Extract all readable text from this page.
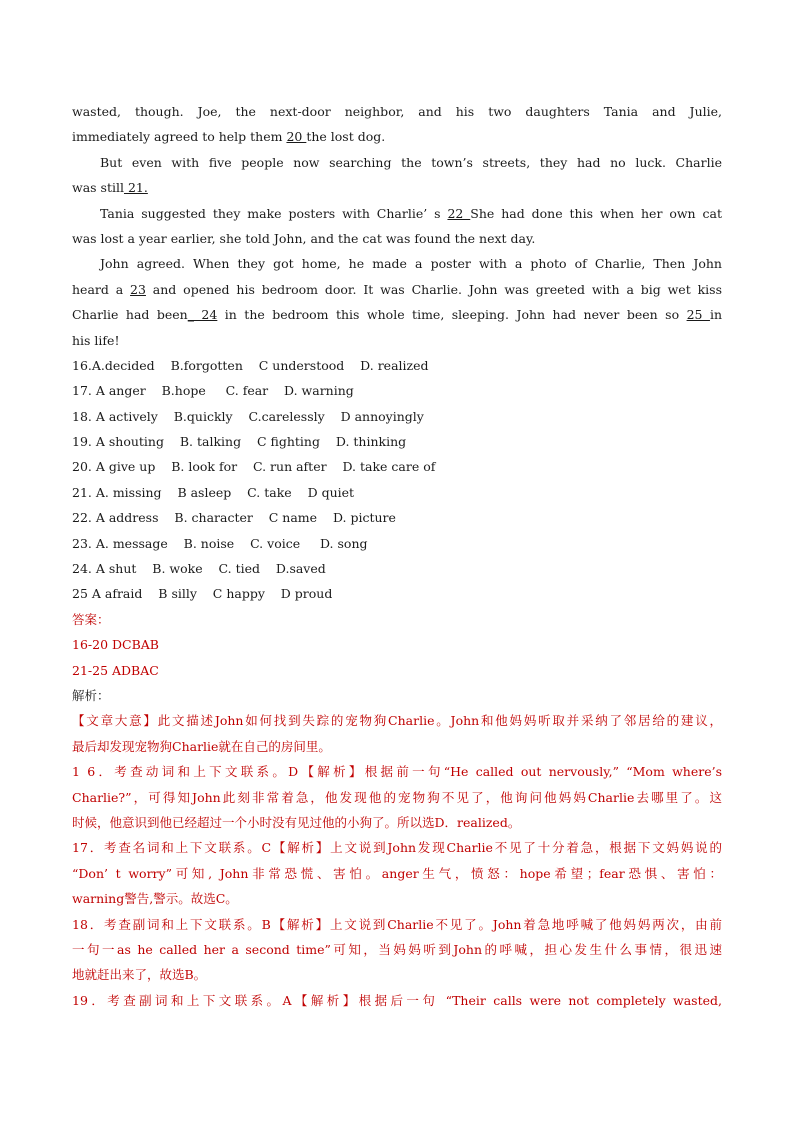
wasted, though. Joe, the next-door neighbor, and his two daughters Tania and Julie,
immediately agreed to help them 20 the lost dog.
But even with five people now searching the town’s streets, they had no luck. Charlie
was still 21.
Tania suggested they make posters with Charlie’ s 22 She had done this when her own cat
was lost a year earlier, she told John, and the cat was found the next day.
John agreed. When they got home, he made a poster with a photo of Charlie, Then John
heard a 23 and opened his bedroom door. It was Charlie. John was greeted with a big wet kiss
Charlie had been_ 24 in the bedroom this whole time, sleeping. John had never been so 25 in
his life!
16.A.decided    B.forgotten    C understood    D. realized
17. A anger    B.hope     C. fear    D. warning
18. A actively    B.quickly    C.carelessly    D annoyingly
19. A shouting    B. talking    C fighting    D. thinking
20. A give up    B. look for    C. run after    D. take care of
21. A. missing    B asleep    C. take    D quiet
22. A address    B. character    C name    D. picture
23. A. message    B. noise    C. voice     D. song
24. A shut    B. woke    C. tied    D.saved
25 A afraid    B silly    C happy    D proud
答案：
16-20 DCBAB
21-25 ADBAC
解析：
【文章大意】此文描述John如何找到失踪的宠物狗Charlie。John和他妈妈听取并采纳了邻居给的建议，
最后却发现宠物狗Charlie就在自己的房间里。
1 6．考查动词和上下文联系。D【解析】根据前一句“He called out nervously,” “Mom where’s
Charlie?”，可得知John此刻非常着急，他发现他的宠物狗不见了，他询问他妈妈Charlie去哪里了。这
时候，他意识到他已经超过一个小时没有见过他的小狗了。所以选D．realized。
17．考查名词和上下文联系。C【解析】上文说到John发现Charlie不见了十分着急，根据下文妈妈说的
“Don’ t worry”可知, John非常恐慌、害怕。anger生气，愤怒：hope希望；fear恐惧、害怕：
warning警告,警示。故选C。
18．考查副词和上下文联系。B【解析】上文说到Charlie不见了。John着急地呼喊了他妈妈两次，由前
一句一as he called her a second time”可知，当妈妈听到John的呼喊，担心发生什么事情，很迅速
地就赶出来了，故选B。
19．考查副词和上下文联系。A【解析】根据后一句 “Their calls were not completely wasted,
